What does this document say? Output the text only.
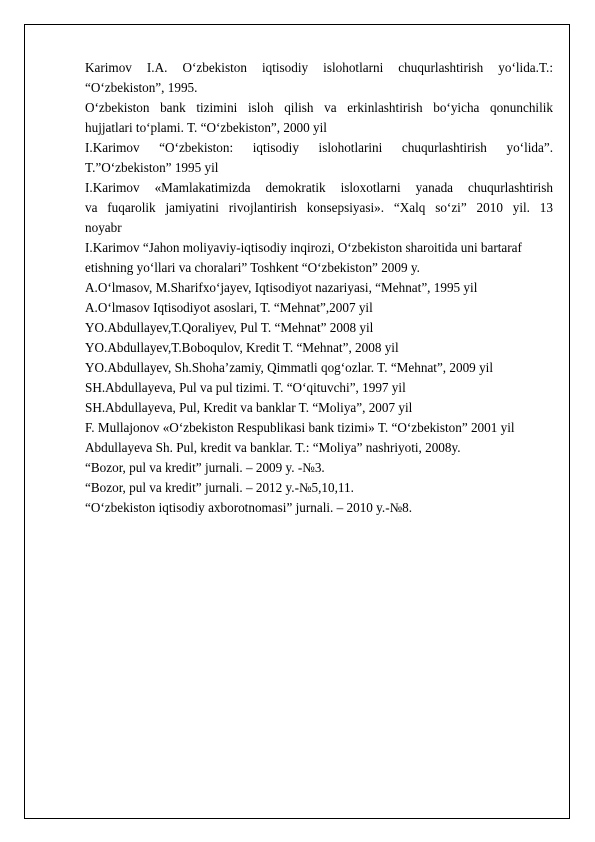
Karimov I.A. O‘zbekiston iqtisodiy islohotlarni chuqurlashtirish yo‘lida.T.:
“O‘zbekiston”, 1995.
O‘zbekiston bank tizimini isloh qilish va erkinlashtirish bo‘yicha qonunchilik
hujjatlari to‘plami. T. “O‘zbekiston”, 2000 yil
I.Karimov “O‘zbekiston: iqtisodiy islohotlarini chuqurlashtirish yo‘lida”.
T.”O‘zbekiston” 1995 yil
I.Karimov «Mamlakatimizda demokratik isloxotlarni yanada chuqurlashtirish
va fuqarolik jamiyatini rivojlantirish konsepsiyasi». “Xalq so‘zi” 2010 yil. 13
noyabr
I.Karimov “Jahon moliyaviy-iqtisodiy inqirozi, O‘zbekiston sharoitida uni bartaraf
etishning yo‘llari va choralari” Toshkent “O‘zbekiston” 2009 y.
A.O‘lmasov, M.Sharifxo‘jayev, Iqtisodiyot nazariyasi, “Mehnat”, 1995 yil
A.O‘lmasov Iqtisodiyot asoslari, T. “Mehnat”,2007 yil
YO.Abdullayev,T.Qoraliyev, Pul T. “Mehnat” 2008 yil
YO.Abdullayev,T.Boboqulov, Kredit T. “Mehnat”, 2008 yil
YO.Abdullayev, Sh.Shoha’zamiy, Qimmatli qog‘ozlar. T. “Mehnat”, 2009 yil
SH.Abdullayeva, Pul va pul tizimi. T. “O‘qituvchi”, 1997 yil
SH.Abdullayeva, Pul, Kredit va banklar T. “Moliya”, 2007 yil
F. Mullajonov «O‘zbekiston Respublikasi bank tizimi» T. “O‘zbekiston” 2001 yil
Abdullayeva Sh. Pul, kredit va banklar. T.: “Moliya” nashriyoti, 2008y.
“Bozor, pul va kredit” jurnali. – 2009 y. -№3.
“Bozor, pul va kredit” jurnali. – 2012 y.-№5,10,11.
“O‘zbekiston iqtisodiy axborotnomasi” jurnali. – 2010 y.-№8.
